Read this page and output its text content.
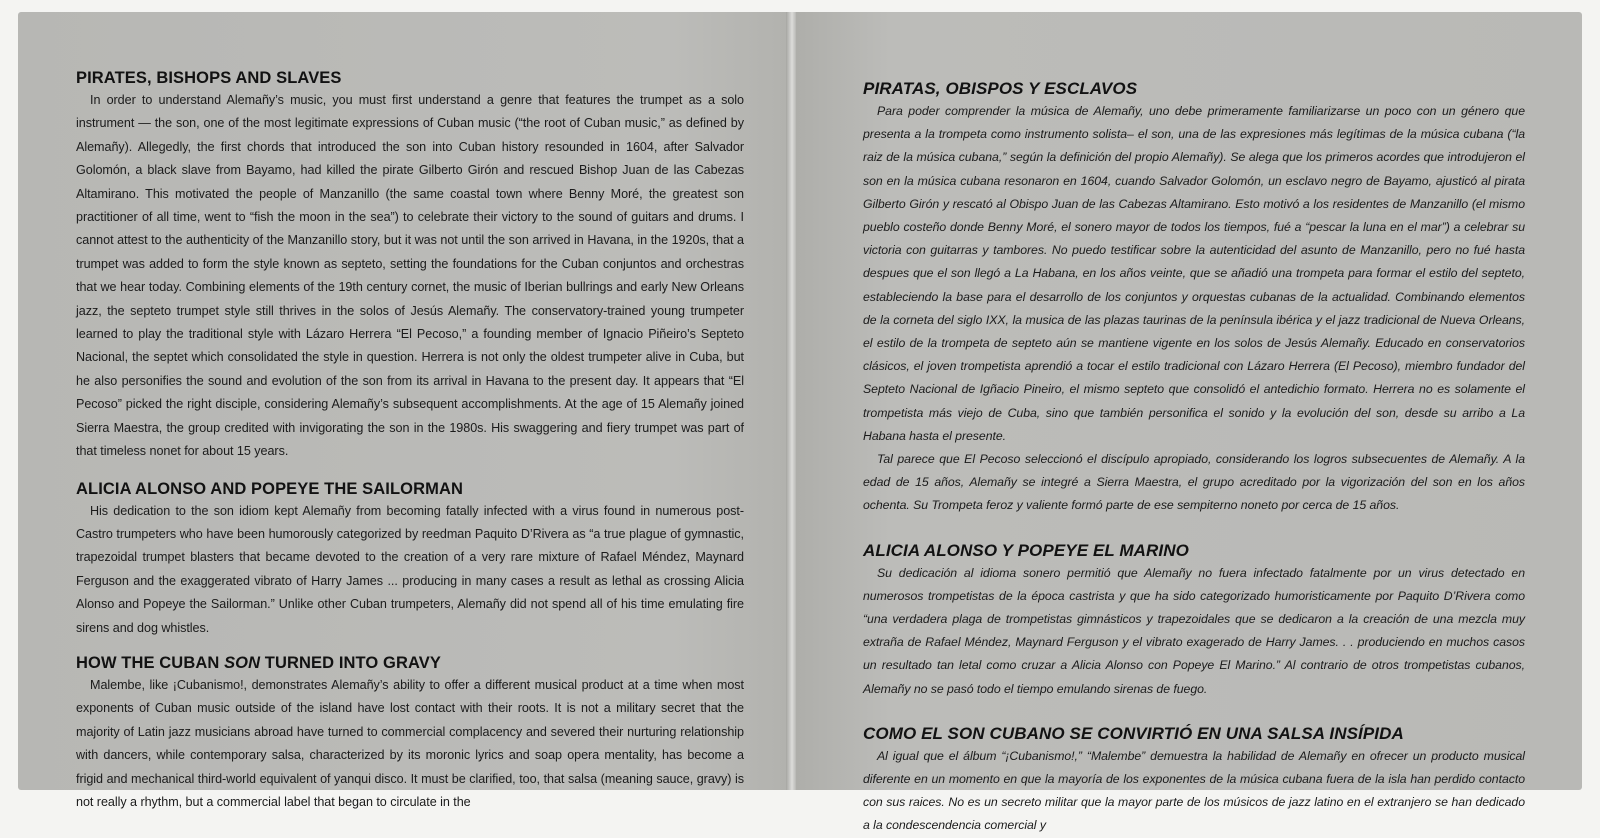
PIRATES, BISHOPS AND SLAVES

In order to understand Alemañy’s music, you must first understand a genre that features the trumpet as a solo instrument — the son, one of the most legitimate expressions of Cuban music (“the root of Cuban music,” as defined by Alemañy). Allegedly, the first chords that introduced the son into Cuban history resounded in 1604, after Salvador Golomón, a black slave from Bayamo, had killed the pirate Gilberto Girón and rescued Bishop Juan de las Cabezas Altamirano. This motivated the people of Manzanillo (the same coastal town where Benny Moré, the greatest son practitioner of all time, went to “fish the moon in the sea”) to celebrate their victory to the sound of guitars and drums. I cannot attest to the authenticity of the Manzanillo story, but it was not until the son arrived in Havana, in the 1920s, that a trumpet was added to form the style known as septeto, setting the foundations for the Cuban conjuntos and orchestras that we hear today. Combining elements of the 19th century cornet, the music of Iberian bullrings and early New Orleans jazz, the septeto trumpet style still thrives in the solos of Jesús Alemañy. The conservatory-trained young trumpeter learned to play the traditional style with Lázaro Herrera “El Pecoso,” a founding member of Ignacio Piñeiro’s Septeto Nacional, the septet which consolidated the style in question. Herrera is not only the oldest trumpeter alive in Cuba, but he also personifies the sound and evolution of the son from its arrival in Havana to the present day. It appears that “El Pecoso” picked the right disciple, considering Alemañy’s subsequent accomplishments. At the age of 15 Alemañy joined Sierra Maestra, the group credited with invigorating the son in the 1980s. His swaggering and fiery trumpet was part of that timeless nonet for about 15 years.

ALICIA ALONSO AND POPEYE THE SAILORMAN

His dedication to the son idiom kept Alemañy from becoming fatally infected with a virus found in numerous post-Castro trumpeters who have been humorously categorized by reedman Paquito D’Rivera as “a true plague of gymnastic, trapezoidal trumpet blasters that became devoted to the creation of a very rare mixture of Rafael Méndez, Maynard Ferguson and the exaggerated vibrato of Harry James ... producing in many cases a result as lethal as crossing Alicia Alonso and Popeye the Sailorman.” Unlike other Cuban trumpeters, Alemañy did not spend all of his time emulating fire sirens and dog whistles.

HOW THE CUBAN SON TURNED INTO GRAVY

Malembe, like ¡Cubanismo!, demonstrates Alemañy’s ability to offer a different musical product at a time when most exponents of Cuban music outside of the island have lost contact with their roots. It is not a military secret that the majority of Latin jazz musicians abroad have turned to commercial complacency and severed their nurturing relationship with dancers, while contemporary salsa, characterized by its moronic lyrics and soap opera mentality, has become a frigid and mechanical third-world equivalent of yanqui disco. It must be clarified, too, that salsa (meaning sauce, gravy) is not really a rhythm, but a commercial label that began to circulate in the

PIRATAS, OBISPOS Y ESCLAVOS

Para poder comprender la música de Alemañy, uno debe primeramente familiarizarse un poco con un género que presenta a la trompeta como instrumento solista– el son, una de las expresiones más legítimas de la música cubana (“la raiz de la música cubana,” según la definición del propio Alemañy). Se alega que los primeros acordes que introdujeron el son en la música cubana resonaron en 1604, cuando Salvador Golomón, un esclavo negro de Bayamo, ajusticó al pirata Gilberto Girón y rescató al Obispo Juan de las Cabezas Altamirano. Esto motivó a los residentes de Manzanillo (el mismo pueblo costeño donde Benny Moré, el sonero mayor de todos los tiempos, fué a “pescar la luna en el mar”) a celebrar su victoria con guitarras y tambores. No puedo testificar sobre la autenticidad del asunto de Manzanillo, pero no fué hasta despues que el son llegó a La Habana, en los años veinte, que se añadió una trompeta para formar el estilo del septeto, estableciendo la base para el desarrollo de los conjuntos y orquestas cubanas de la actualidad. Combinando elementos de la corneta del siglo IXX, la musica de las plazas taurinas de la península ibérica y el jazz tradicional de Nueva Orleans, el estilo de la trompeta de septeto aún se mantiene vigente en los solos de Jesús Alemañy. Educado en conservatorios clásicos, el joven trompetista aprendió a tocar el estilo tradicional con Lázaro Herrera (El Pecoso), miembro fundador del Septeto Nacional de Igñacio Pineiro, el mismo septeto que consolidó el antedichio formato. Herrera no es solamente el trompetista más viejo de Cuba, sino que también personifica el sonido y la evolución del son, desde su arribo a La Habana hasta el presente.

Tal parece que El Pecoso seleccionó el discípulo apropiado, considerando los logros subsecuentes de Alemañy. A la edad de 15 años, Alemañy se integré a Sierra Maestra, el grupo acreditado por la vigorización del son en los años ochenta. Su Trompeta feroz y valiente formó parte de ese sempiterno noneto por cerca de 15 años.

ALICIA ALONSO Y POPEYE EL MARINO

Su dedicación al idioma sonero permitió que Alemañy no fuera infectado fatalmente por un virus detectado en numerosos trompetistas de la época castrista y que ha sido categorizado humoristicamente por Paquito D’Rivera como “una verdadera plaga de trompetistas gimnásticos y trapezoidales que se dedicaron a la creación de una mezcla muy extraña de Rafael Méndez, Maynard Ferguson y el vibrato exagerado de Harry James. . . produciendo en muchos casos un resultado tan letal como cruzar a Alicia Alonso con Popeye El Marino.” Al contrario de otros trompetistas cubanos, Alemañy no se pasó todo el tiempo emulando sirenas de fuego.

COMO EL SON CUBANO SE CONVIRTIÓ EN UNA SALSA INSÍPIDA

Al igual que el álbum “¡Cubanismo!,” “Malembe” demuestra la habilidad de Alemañy en ofrecer un producto musical diferente en un momento en que la mayoría de los exponentes de la música cubana fuera de la isla han perdido contacto con sus raices. No es un secreto militar que la mayor parte de los músicos de jazz latino en el extranjero se han dedicado a la condescendencia comercial y
